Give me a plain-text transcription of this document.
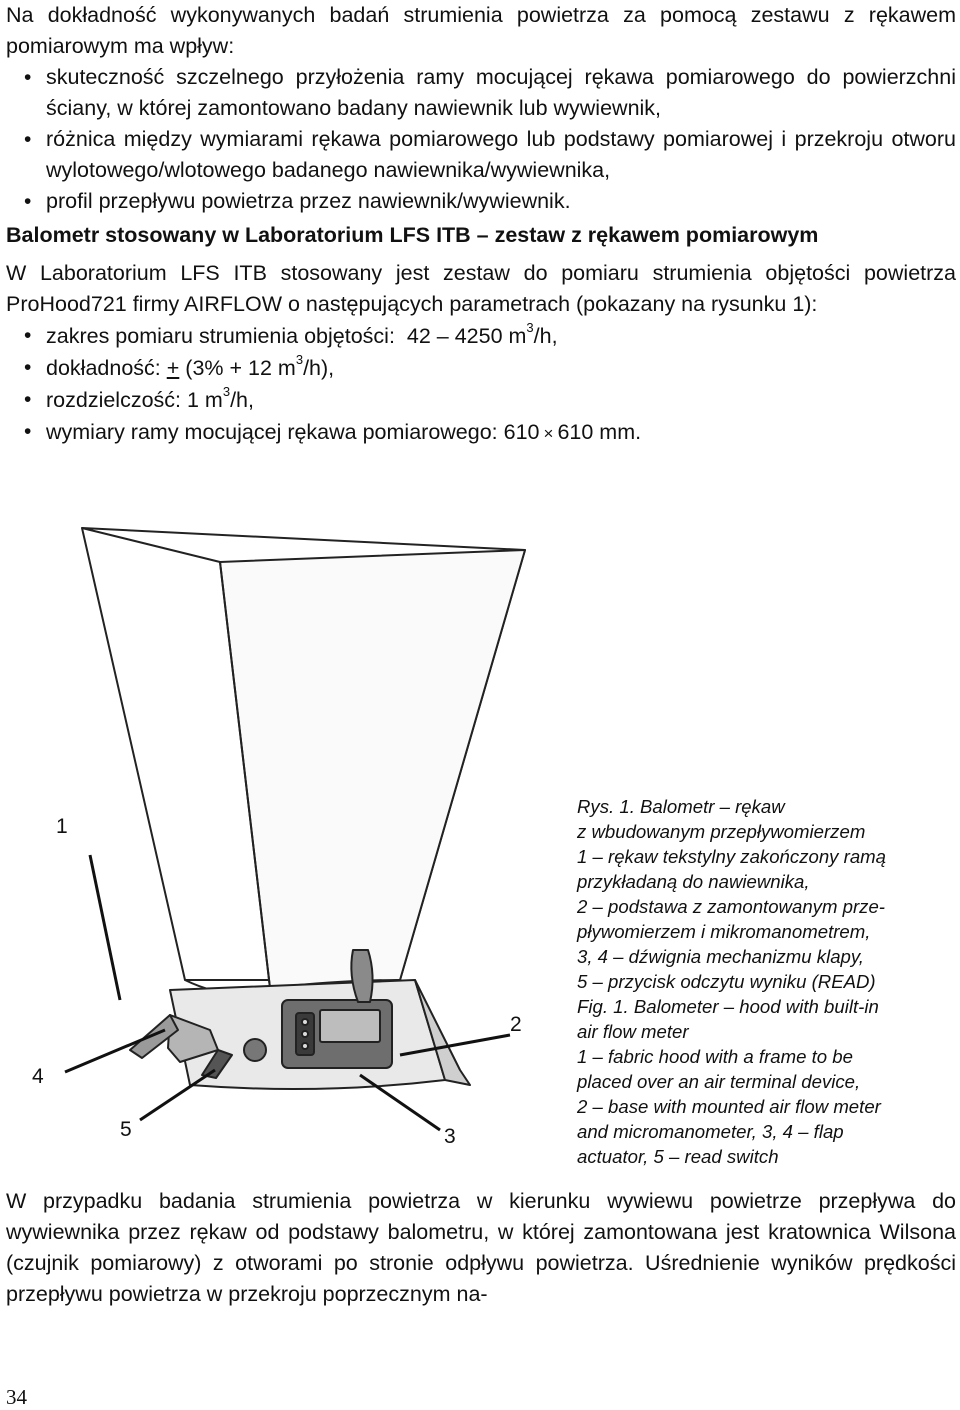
Na dokładność wykonywanych badań strumienia powietrza za pomocą zestawu z rękawem pomiarowym ma wpływ:

• skuteczność szczelnego przyłożenia ramy mocującej rękawa pomiarowego do powierzchni ściany, w której zamontowano badany nawiewnik lub wywiewnik,
• różnica między wymiarami rękawa pomiarowego lub podstawy pomiarowej i przekroju otworu wylotowego/wlotowego badanego nawiewnika/wywiewnika,
• profil przepływu powietrza przez nawiewnik/wywiewnik.
Balometr stosowany w Laboratorium LFS ITB – zestaw z rękawem pomiarowym

W Laboratorium LFS ITB stosowany jest zestaw do pomiaru strumienia objętości powietrza ProHood721 firmy AIRFLOW o następujących parametrach (pokazany na rysunku 1):

• zakres pomiaru strumienia objętości: 42 – 4250 $m^3/h$,
• dokładność: + (3% + 12 $m^3/h$),
• rozdzielczość: 1 $m^3/h$,
• wymiary ramy mocującej rękawa pomiarowego: 610 × 610 mm.
1
2
3
4
5
Rys. 1. Balometr – rękaw
z wbudowanym przepływomierzem
1 – rękaw tekstylny zakończony ramą
przykładaną do nawiewnika,
2 – podstawa z zamontowanym prze-
pływomierzem i mikromanometrem,
3, 4 – dźwignia mechanizmu klapy,
5 – przycisk odczytu wyniku (READ)
Fig. 1. Balometer – hood with built-in
air flow meter
1 – fabric hood with a frame to be
placed over an air terminal device,
2 – base with mounted air flow meter
and micromanometer, 3, 4 – flap
actuator, 5 – read switch

W przypadku badania strumienia powietrza w kierunku wywiewu powietrze przepływa do wywiewnika przez rękaw od podstawy balometru, w której zamontowana jest kratownica Wilsona (czujnik pomiarowy) z otworami po stronie odpływu powietrza. Uśrednienie wyników prędkości przepływu powietrza w przekroju poprzecznym na-

34
